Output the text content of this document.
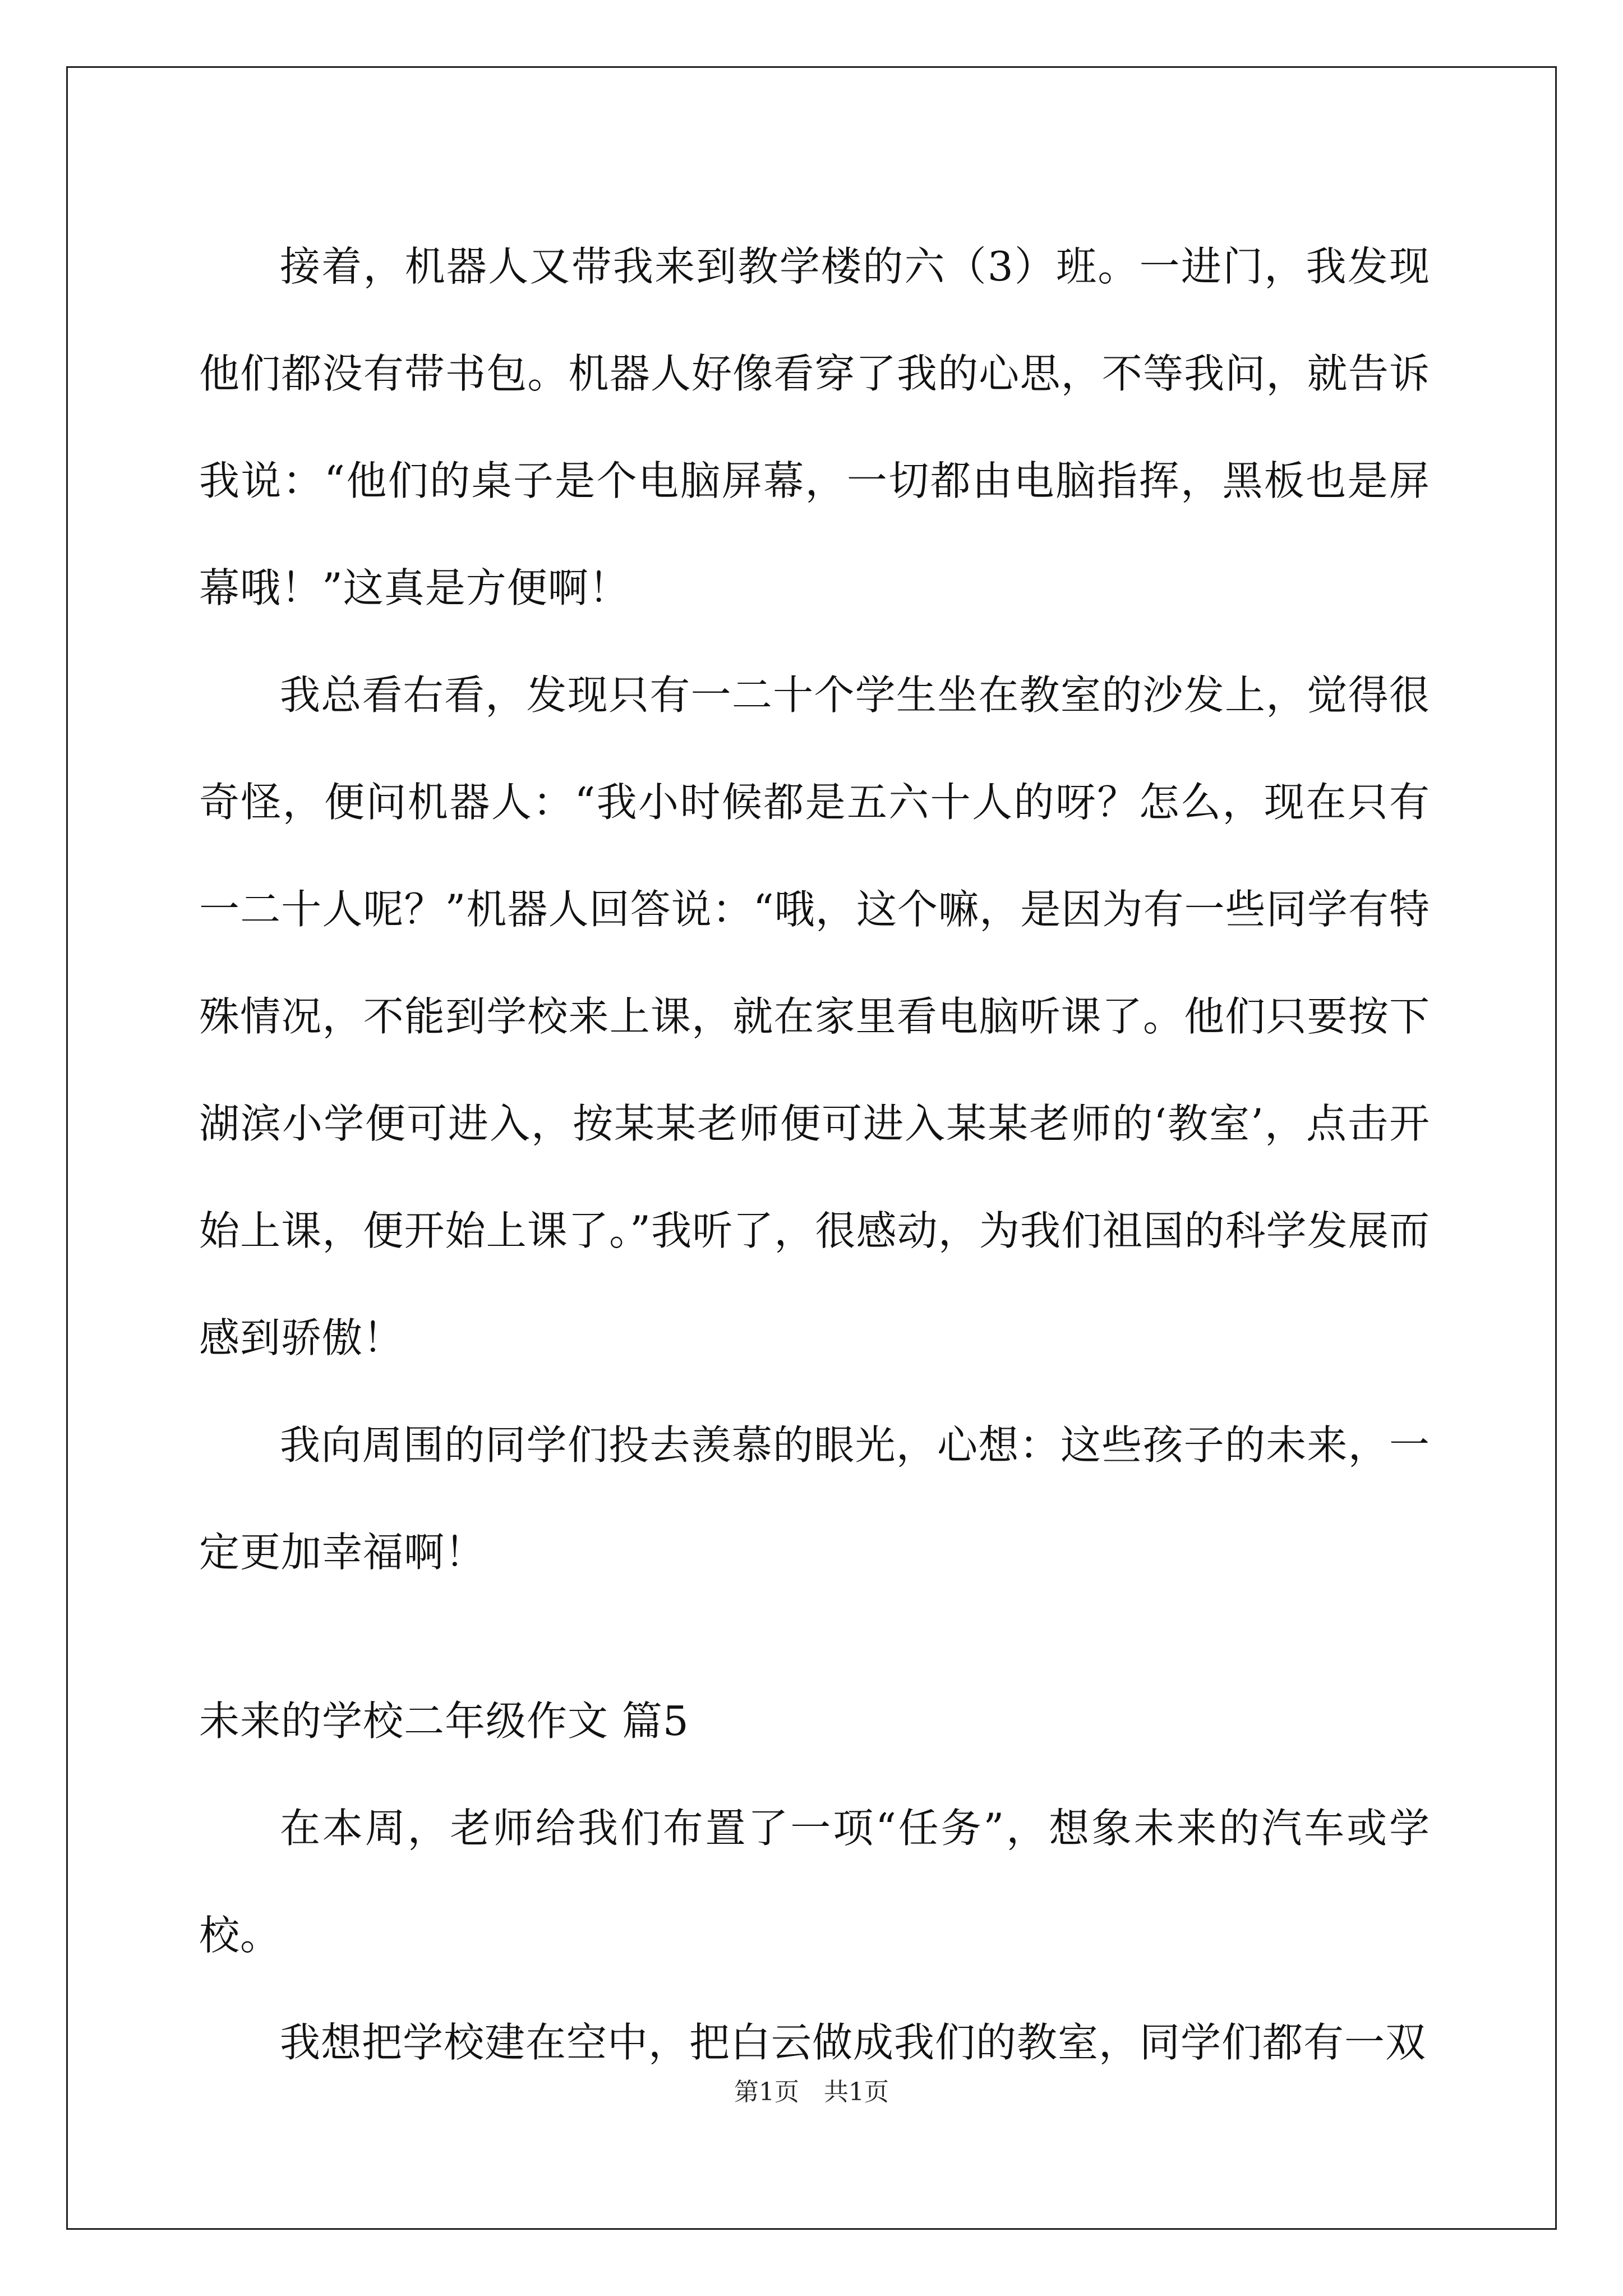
接着，机器人又带我来到教学楼的六（3）班。一进门，我发现他们都没有带书包。机器人好像看穿了我的心思，不等我问，就告诉我说：“他们的桌子是个电脑屏幕，一切都由电脑指挥，黑板也是屏幕哦！”这真是方便啊！

我总看右看，发现只有一二十个学生坐在教室的沙发上，觉得很奇怪，便问机器人：“我小时候都是五六十人的呀？怎么，现在只有一二十人呢？”机器人回答说：“哦，这个嘛，是因为有一些同学有特殊情况，不能到学校来上课，就在家里看电脑听课了。他们只要按下湖滨小学便可进入，按某某老师便可进入某某老师的‘教室’，点击开始上课，便开始上课了。”我听了，很感动，为我们祖国的科学发展而感到骄傲！

我向周围的同学们投去羡慕的眼光，心想：这些孩子的未来，一定更加幸福啊！

未来的学校二年级作文 篇5

在本周，老师给我们布置了一项“任务”，想象未来的汽车或学校。

我想把学校建在空中，把白云做成我们的教室，同学们都有一双

第1页　共1页
